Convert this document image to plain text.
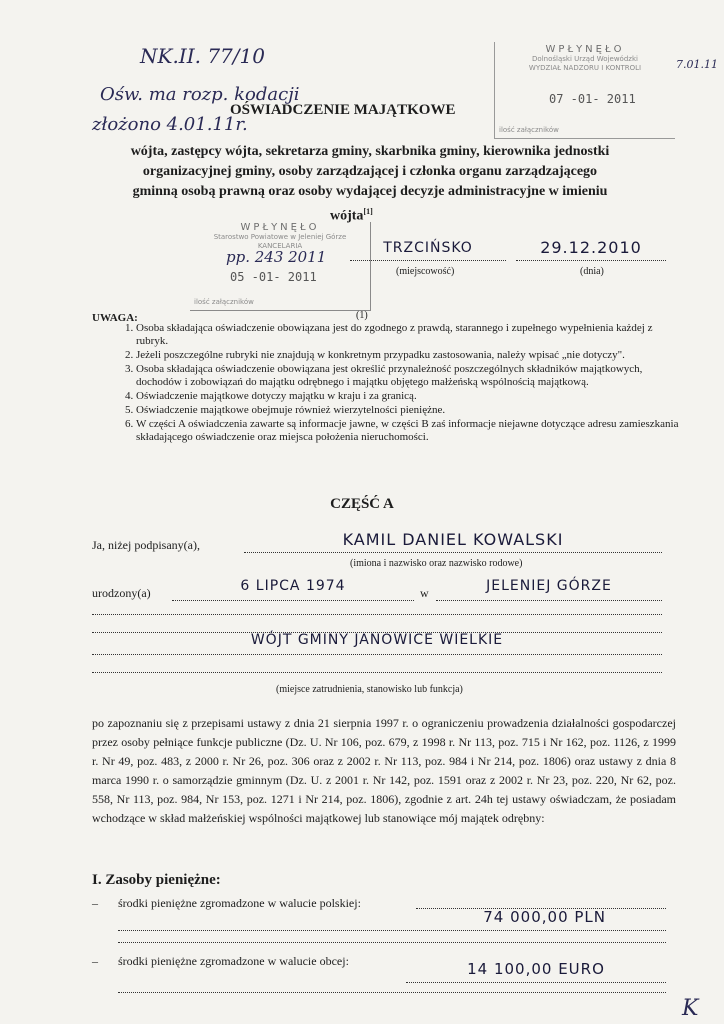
NK.II. 77/10
Ośw. ma rozp. kodacji
złożono 4.01.11r.
WPŁYNĘŁO
Dolnośląski Urząd Wojewódzki
WYDZIAŁ NADZORU I KONTROLI
07 -01- 2011
ilość załączników
7.01.11
OŚWIADCZENIE MAJĄTKOWE
wójta, zastępcy wójta, sekretarza gminy, skarbnika gminy, kierownika jednostki
organizacyjnej gminy, osoby zarządzającej i członka organu zarządzającego
gminną osobą prawną oraz osoby wydającej decyzje administracyjne w imieniu
wójta[1]
WPŁYNĘŁO
Starostwo Powiatowe w Jeleniej Górze
KANCELARIA
05 -01- 2011
ilość załączników
pp. 243 2011	TRZCIŃSKO	29.12.2010
(miejscowość)	(dnia)
UWAGA:	(1)
1. Osoba składająca oświadczenie obowiązana jest do zgodnego z prawdą, starannego i zupełnego wypełnienia każdej z rubryk.
2. Jeżeli poszczególne rubryki nie znajdują w konkretnym przypadku zastosowania, należy wpisać „nie dotyczy".
3. Osoba składająca oświadczenie obowiązana jest określić przynależność poszczególnych składników majątkowych, dochodów i zobowiązań do majątku odrębnego i majątku objętego małżeńską wspólnością majątkową.
4. Oświadczenie majątkowe dotyczy majątku w kraju i za granicą.
5. Oświadczenie majątkowe obejmuje również wierzytelności pieniężne.
6. W części A oświadczenia zawarte są informacje jawne, w części B zaś informacje niejawne dotyczące adresu zamieszkania składającego oświadczenie oraz miejsca położenia nieruchomości.
CZĘŚĆ A
Ja, niżej podpisany(a),	KAMIL DANIEL KOWALSKI
(imiona i nazwisko oraz nazwisko rodowe)
urodzony(a)	6 LIPCA 1974	w	JELENIEJ GÓRZE
WÓJT GMINY JANOWICE WIELKIE
(miejsce zatrudnienia, stanowisko lub funkcja)
po zapoznaniu się z przepisami ustawy z dnia 21 sierpnia 1997 r. o ograniczeniu prowadzenia działalności gospodarczej przez osoby pełniące funkcje publiczne (Dz. U. Nr 106, poz. 679, z 1998 r. Nr 113, poz. 715 i Nr 162, poz. 1126, z 1999 r. Nr 49, poz. 483, z 2000 r. Nr 26, poz. 306 oraz z 2002 r. Nr 113, poz. 984 i Nr 214, poz. 1806) oraz ustawy z dnia 8 marca 1990 r. o samorządzie gminnym (Dz. U. z 2001 r. Nr 142, poz. 1591 oraz z 2002 r. Nr 23, poz. 220, Nr 62, poz. 558, Nr 113, poz. 984, Nr 153, poz. 1271 i Nr 214, poz. 1806), zgodnie z art. 24h tej ustawy oświadczam, że posiadam wchodzące w skład małżeńskiej wspólności majątkowej lub stanowiące mój majątek odrębny:
I. Zasoby pieniężne:
– środki pieniężne zgromadzone w walucie polskiej:
74 000,00 PLN
– środki pieniężne zgromadzone w walucie obcej:	14 100,00 EURO
K
